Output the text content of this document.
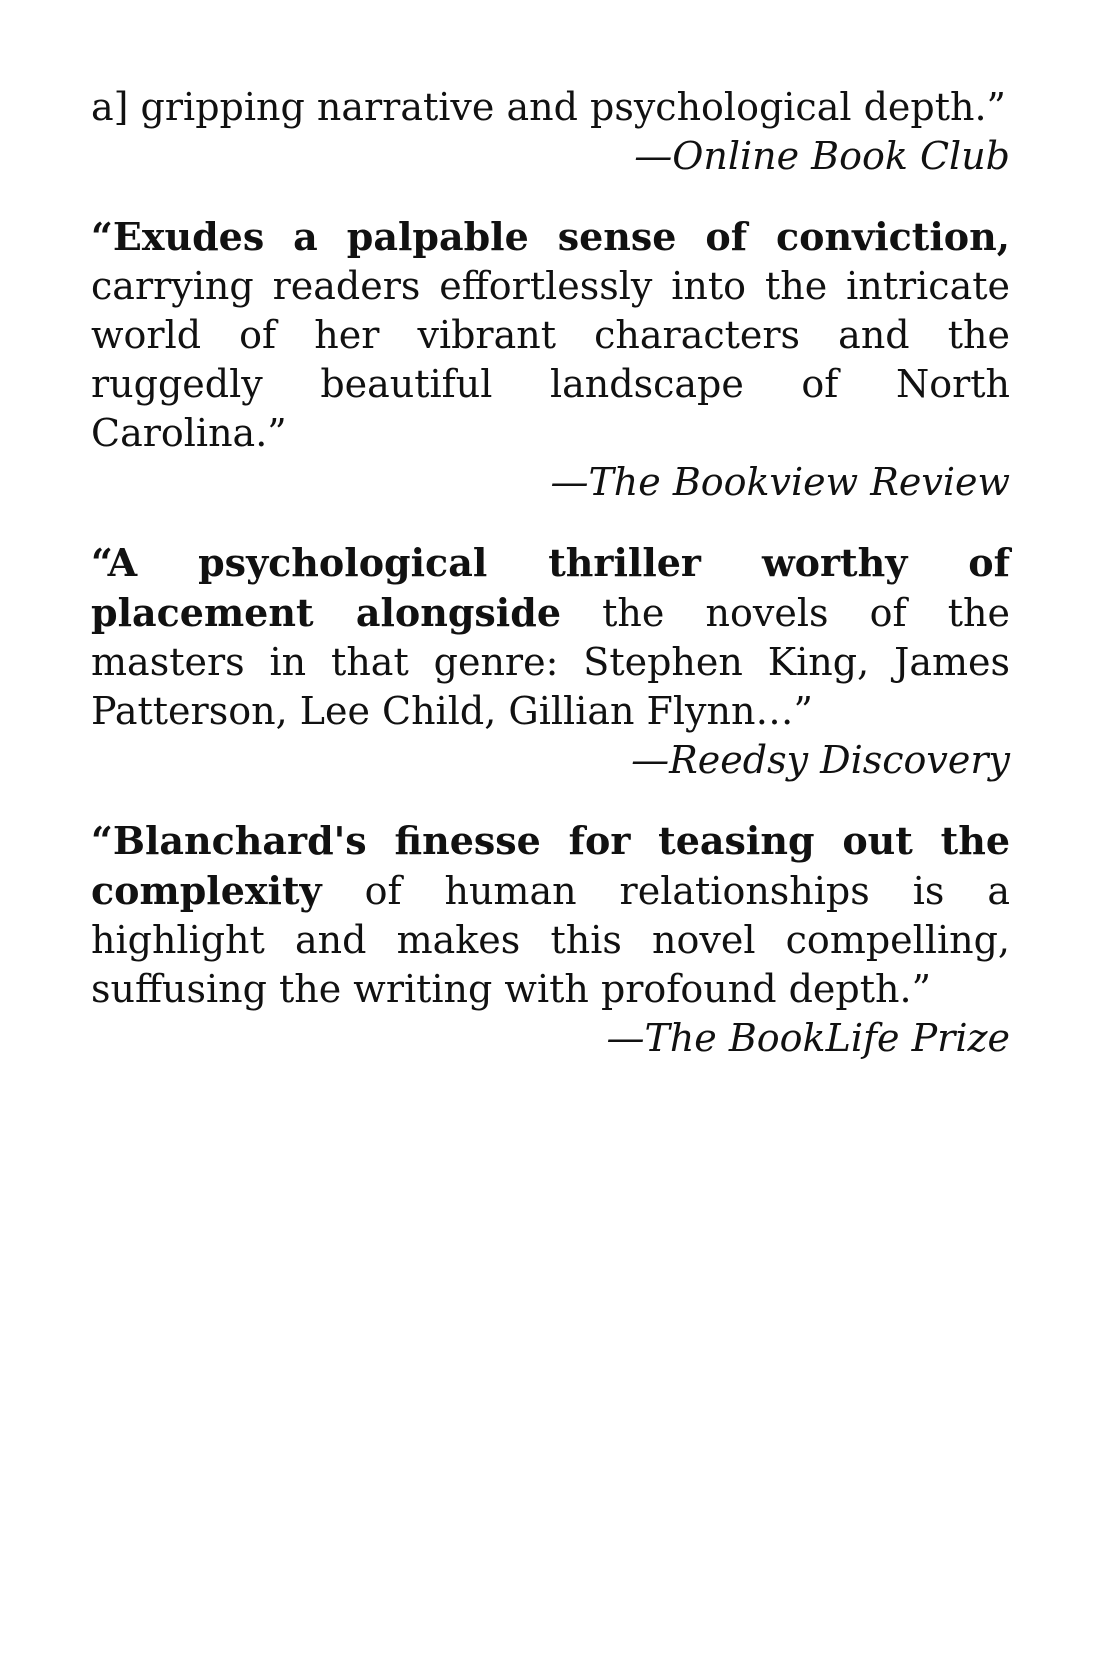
a] gripping narrative and psychological depth.”

—Online Book Club

“Exudes a palpable sense of conviction, carrying readers effortlessly into the intricate world of her vibrant characters and the ruggedly beautiful landscape of North Carolina.”

—The Bookview Review

“A psychological thriller worthy of placement alongside the novels of the masters in that genre: Stephen King, James Patterson, Lee Child, Gillian Flynn…”

—Reedsy Discovery

“Blanchard's finesse for teasing out the complexity of human relationships is a highlight and makes this novel compelling, suffusing the writing with profound depth.”

—The BookLife Prize
